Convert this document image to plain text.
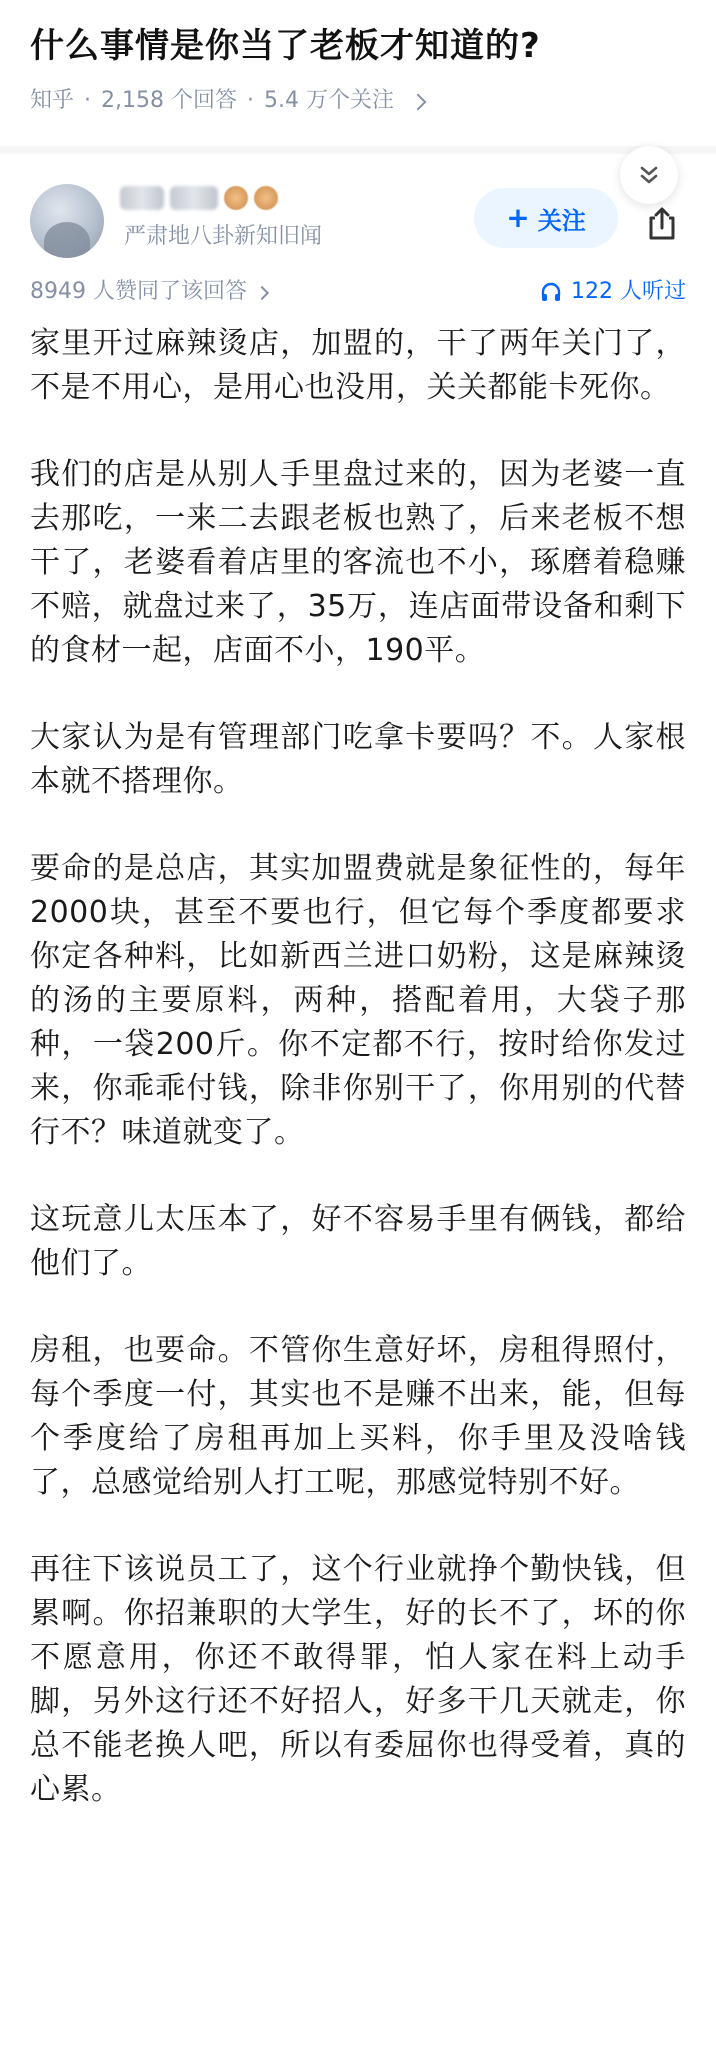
什么事情是你当了老板才知道的?
知乎 · 2,158 个回答 · 5.4 万个关注
严肃地八卦新知旧闻
+ 关注
8949 人赞同了该回答	122 人听过

家里开过麻辣烫店，加盟的，干了两年关门了，不是不用心，是用心也没用，关关都能卡死你。

我们的店是从别人手里盘过来的，因为老婆一直去那吃，一来二去跟老板也熟了，后来老板不想干了，老婆看着店里的客流也不小，琢磨着稳赚不赔，就盘过来了，35万，连店面带设备和剩下的食材一起，店面不小，190平。

大家认为是有管理部门吃拿卡要吗？不。人家根本就不搭理你。

要命的是总店，其实加盟费就是象征性的，每年2000块，甚至不要也行，但它每个季度都要求你定各种料，比如新西兰进口奶粉，这是麻辣烫的汤的主要原料，两种，搭配着用，大袋子那种，一袋200斤。你不定都不行，按时给你发过来，你乖乖付钱，除非你别干了，你用别的代替行不？味道就变了。

这玩意儿太压本了，好不容易手里有俩钱，都给他们了。

房租，也要命。不管你生意好坏，房租得照付，每个季度一付，其实也不是赚不出来，能，但每个季度给了房租再加上买料，你手里及没啥钱了，总感觉给别人打工呢，那感觉特别不好。

再往下该说员工了，这个行业就挣个勤快钱，但累啊。你招兼职的大学生，好的长不了，坏的你不愿意用，你还不敢得罪，怕人家在料上动手脚，另外这行还不好招人，好多干几天就走，你总不能老换人吧，所以有委屈你也得受着，真的心累。
